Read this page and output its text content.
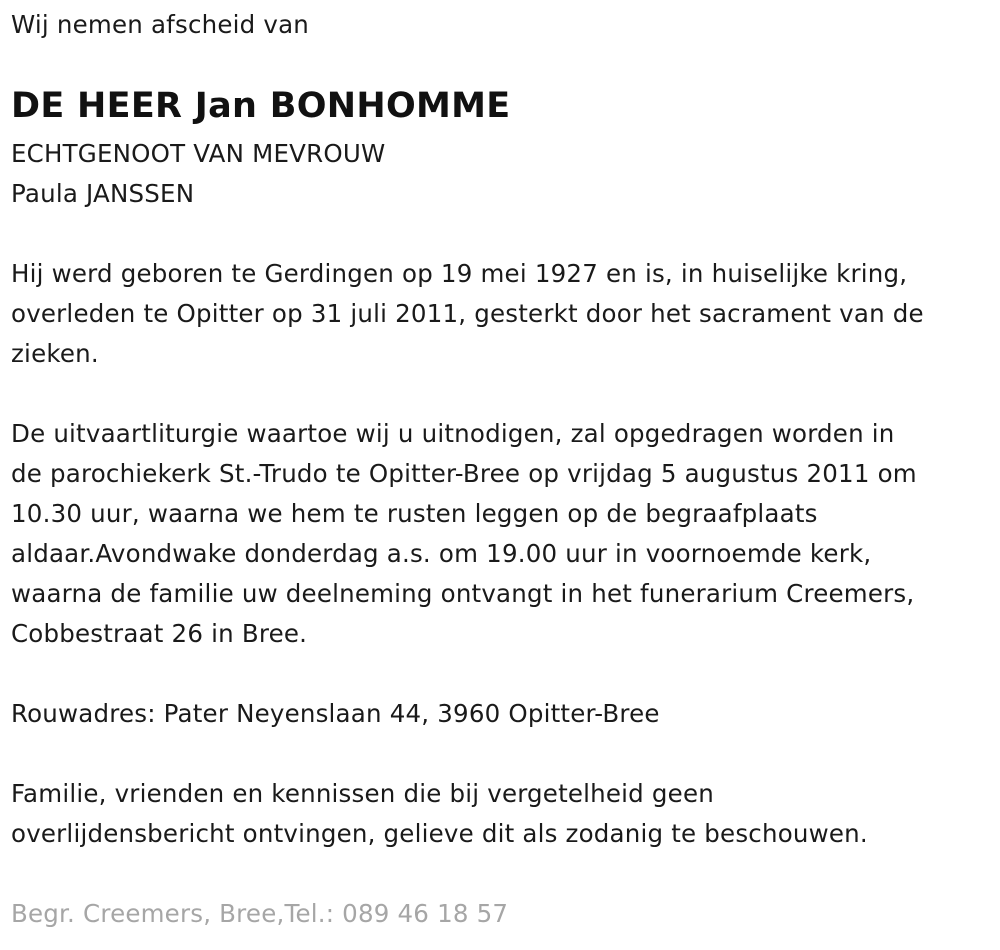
Wij nemen afscheid van
DE HEER Jan BONHOMME
ECHTGENOOT VAN MEVROUW
Paula JANSSEN
Hij werd geboren te Gerdingen op 19 mei 1927 en is, in huiselijke kring,
overleden te Opitter op 31 juli 2011, gesterkt door het sacrament van de
zieken.
De uitvaartliturgie waartoe wij u uitnodigen, zal opgedragen worden in
de parochiekerk St.-Trudo te Opitter-Bree op vrijdag 5 augustus 2011 om
10.30 uur, waarna we hem te rusten leggen op de begraafplaats
aldaar.Avondwake donderdag a.s. om 19.00 uur in voornoemde kerk,
waarna de familie uw deelneming ontvangt in het funerarium Creemers,
Cobbestraat 26 in Bree.
Rouwadres: Pater Neyenslaan 44, 3960 Opitter-Bree
Familie, vrienden en kennissen die bij vergetelheid geen
overlijdensbericht ontvingen, gelieve dit als zodanig te beschouwen.
Begr. Creemers, Bree,Tel.: 089 46 18 57
